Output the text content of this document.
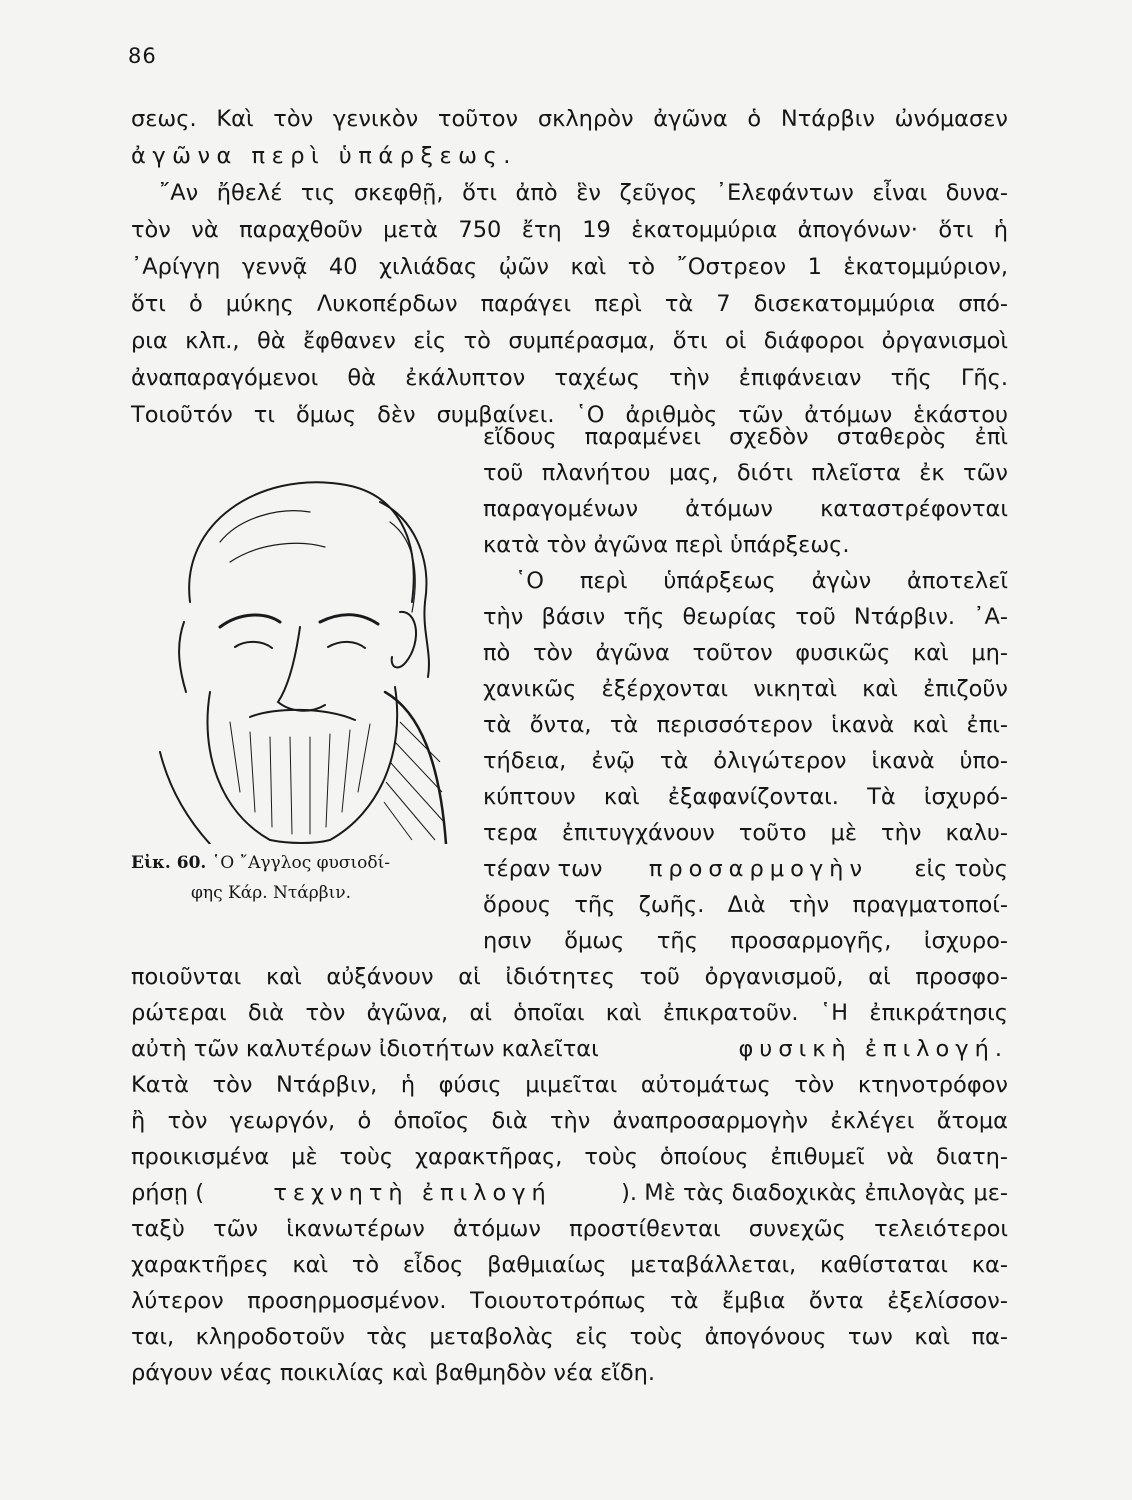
86

σεως. Καὶ τὸν γενικὸν τοῦτον σκληρὸν ἀγῶνα ὁ Ντάρβιν ὠνόμασεν

ἀγῶνα περὶ ὑπάρξεως.

῎Αν ἤθελέ τις σκεφθῇ, ὅτι ἀπὸ ἓν ζεῦγος ᾿Ελεφάντων εἶναι δυνα-

τὸν νὰ παραχθοῦν μετὰ 750 ἔτη 19 ἑκατομμύρια ἀπογόνων· ὅτι ἡ

᾿Αρίγγη γεννᾷ 40 χιλιάδας ᾠῶν καὶ τὸ ῎Οστρεον 1 ἑκατομμύριον,

ὅτι ὁ μύκης Λυκοπέρδων παράγει περὶ τὰ 7 δισεκατομμύρια σπό-

ρια κλπ., θὰ ἔφθανεν εἰς τὸ συμπέρασμα, ὅτι οἱ διάφοροι ὀργανισμοὶ

ἀναπαραγόμενοι θὰ ἐκάλυπτον ταχέως τὴν ἐπιφάνειαν τῆς Γῆς.

Τοιοῦτόν τι ὅμως δὲν συμβαίνει. ῾Ο ἀριθμὸς τῶν ἀτόμων ἑκάστου

εἴδους παραμένει σχεδὸν σταθερὸς ἐπὶ

τοῦ πλανήτου μας, διότι πλεῖστα ἐκ τῶν

παραγομένων ἀτόμων καταστρέφονται

κατὰ τὸν ἀγῶνα περὶ ὑπάρξεως.

῾Ο περὶ ὑπάρξεως ἀγὼν ἀποτελεῖ

τὴν βάσιν τῆς θεωρίας τοῦ Ντάρβιν. ᾿Α-

πὸ τὸν ἀγῶνα τοῦτον φυσικῶς καὶ μη-

χανικῶς ἐξέρχονται νικηταὶ καὶ ἐπιζοῦν

τὰ ὄντα, τὰ περισσότερον ἱκανὰ καὶ ἐπι-

τήδεια, ἐνῷ τὰ ὀλιγώτερον ἱκανὰ ὑπο-

κύπτουν καὶ ἐξαφανίζονται. Τὰ ἰσχυρό-

τερα ἐπιτυγχάνουν τοῦτο μὲ τὴν καλυ-

τέραν των προσαρμογὴν εἰς τοὺς

ὅρους τῆς ζωῆς. Διὰ τὴν πραγματοποί-

ησιν ὅμως τῆς προσαρμογῆς, ἰσχυρο-

Εἰκ. 60. ῾Ο ῎Αγγλος φυσιοδί-
φης Κάρ. Ντάρβιν.

ποιοῦνται καὶ αὐξάνουν αἱ ἰδιότητες τοῦ ὀργανισμοῦ, αἱ προσφο-

ρώτεραι διὰ τὸν ἀγῶνα, αἱ ὁποῖαι καὶ ἐπικρατοῦν. ῾Η ἐπικράτησις

αὐτὴ τῶν καλυτέρων ἰδιοτήτων καλεῖται	φυσικὴ ἐπιλογή.

Κατὰ τὸν Ντάρβιν, ἡ φύσις μιμεῖται αὐτομάτως τὸν κτηνοτρόφον

ἢ τὸν γεωργόν, ὁ ὁποῖος διὰ τὴν ἀναπροσαρμογὴν ἐκλέγει ἄτομα

προικισμένα μὲ τοὺς χαρακτῆρας, τοὺς ὁποίους ἐπιθυμεῖ νὰ διατη-

ρήσῃ (	τεχνητὴ ἐπιλογή	). Μὲ τὰς διαδοχικὰς ἐπιλογὰς με-

ταξὺ τῶν ἱκανωτέρων ἀτόμων προστίθενται συνεχῶς τελειότεροι

χαρακτῆρες καὶ τὸ εἶδος βαθμιαίως μεταβάλλεται, καθίσταται κα-

λύτερον προσηρμοσμένον. Τοιουτοτρόπως τὰ ἔμβια ὄντα ἐξελίσσον-

ται, κληροδοτοῦν τὰς μεταβολὰς εἰς τοὺς ἀπογόνους των καὶ πα-

ράγουν νέας ποικιλίας καὶ βαθμηδὸν νέα εἴδη.
